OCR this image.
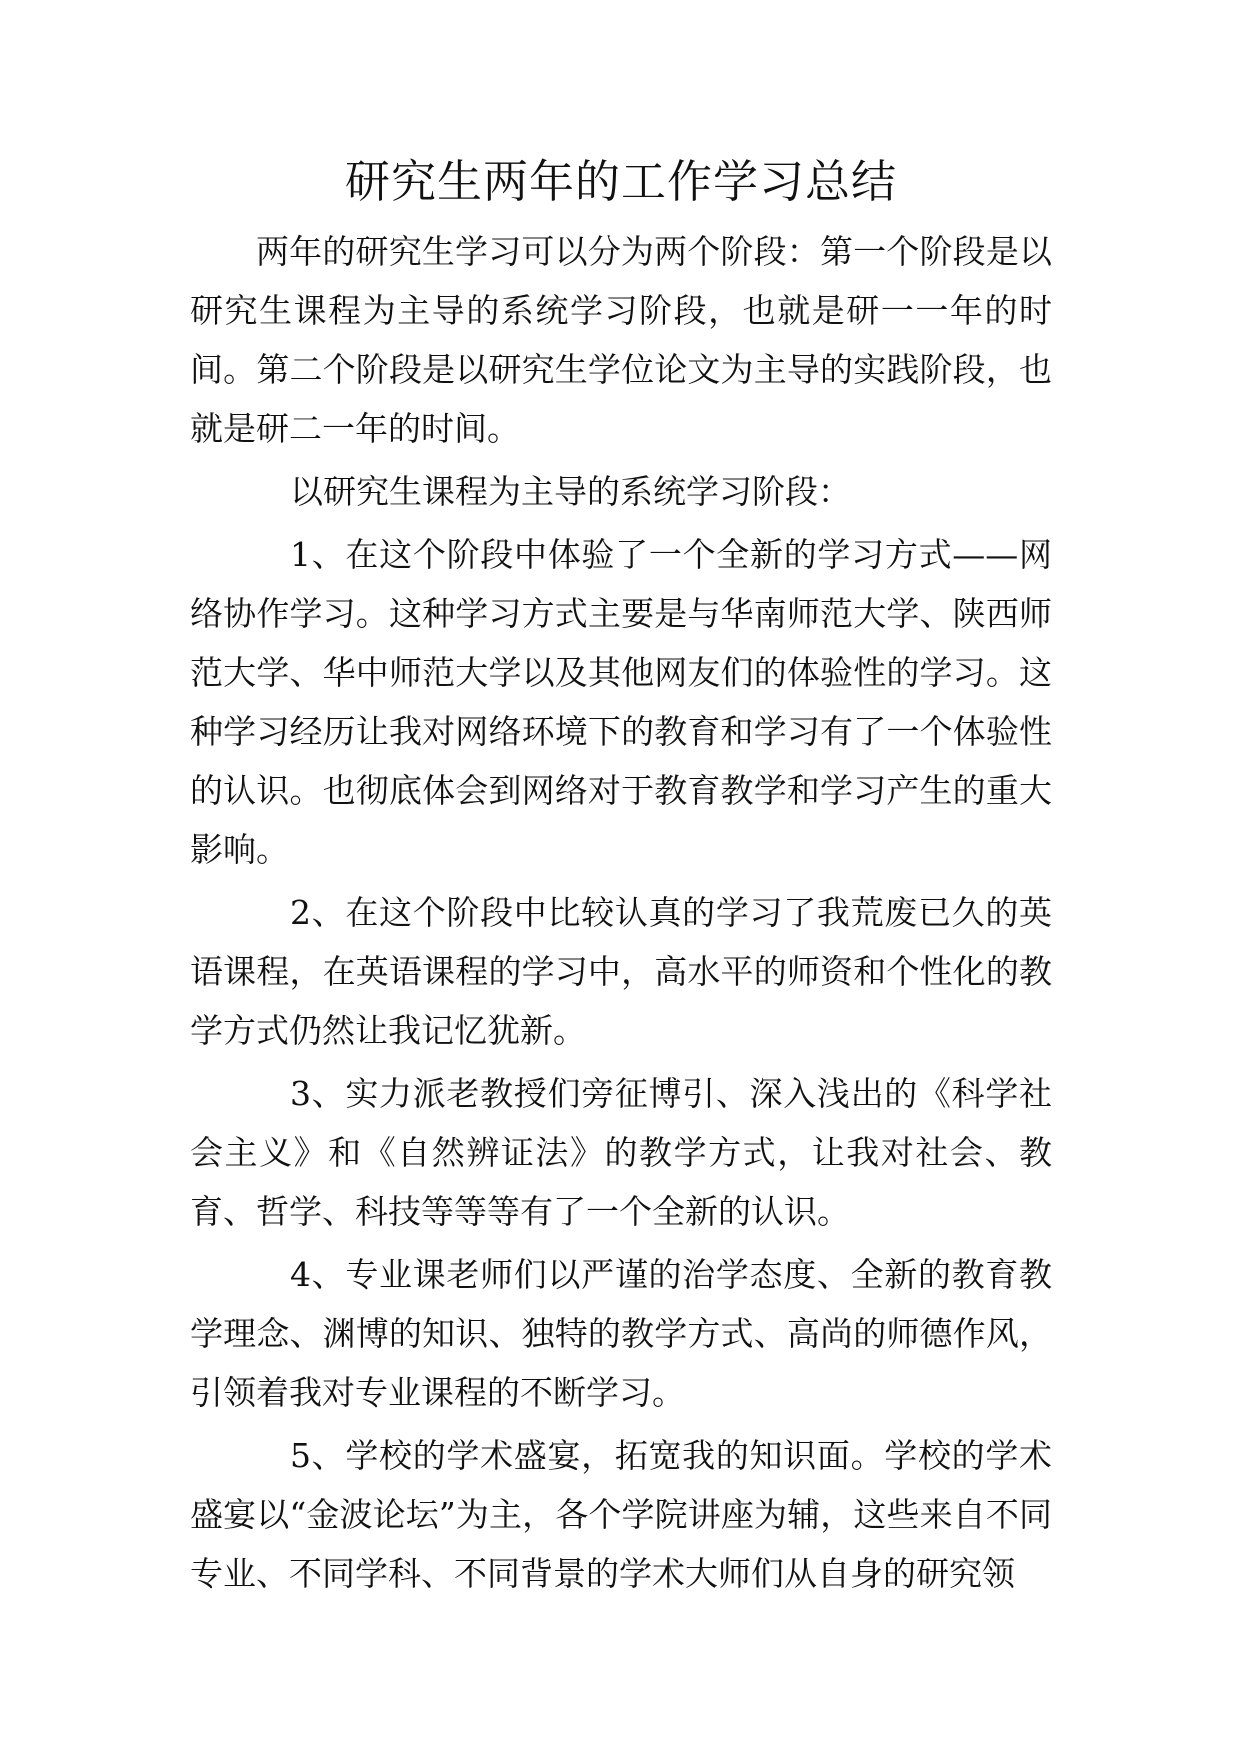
研究生两年的工作学习总结

两年的研究生学习可以分为两个阶段：第一个阶段是以研究生课程为主导的系统学习阶段，也就是研一一年的时间。第二个阶段是以研究生学位论文为主导的实践阶段，也就是研二一年的时间。

以研究生课程为主导的系统学习阶段：

1、在这个阶段中体验了一个全新的学习方式——网络协作学习。这种学习方式主要是与华南师范大学、陕西师范大学、华中师范大学以及其他网友们的体验性的学习。这种学习经历让我对网络环境下的教育和学习有了一个体验性的认识。也彻底体会到网络对于教育教学和学习产生的重大影响。

2、在这个阶段中比较认真的学习了我荒废已久的英语课程，在英语课程的学习中，高水平的师资和个性化的教学方式仍然让我记忆犹新。

3、实力派老教授们旁征博引、深入浅出的《科学社会主义》和《自然辨证法》的教学方式，让我对社会、教育、哲学、科技等等等有了一个全新的认识。

4、专业课老师们以严谨的治学态度、全新的教育教学理念、渊博的知识、独特的教学方式、高尚的师德作风，引领着我对专业课程的不断学习。

5、学校的学术盛宴，拓宽我的知识面。学校的学术盛宴以“金波论坛”为主，各个学院讲座为辅，这些来自不同专业、不同学科、不同背景的学术大师们从自身的研究领
